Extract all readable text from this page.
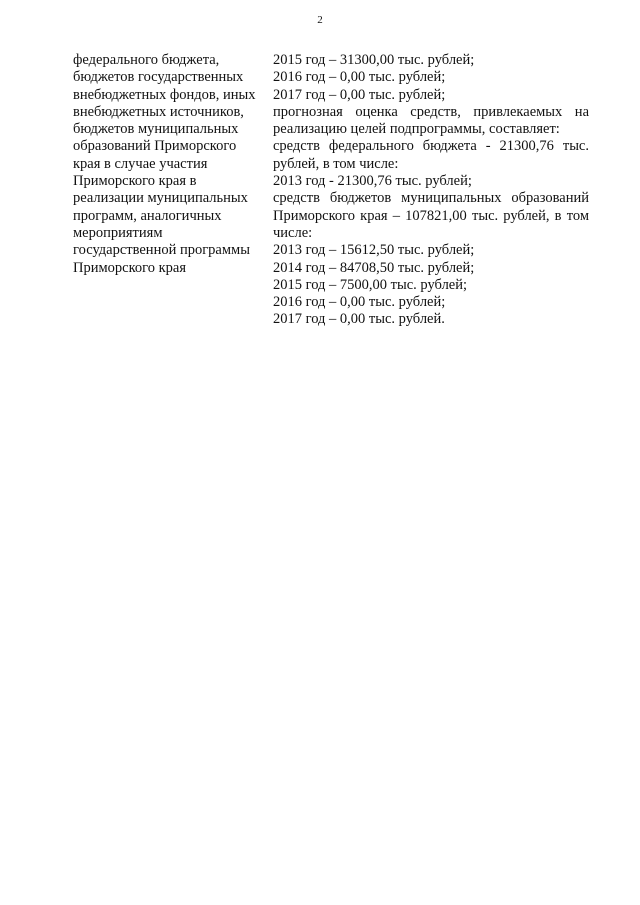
2
федерального бюджета,
бюджетов государственных
внебюджетных фондов, иных
внебюджетных источников,
бюджетов муниципальных
образований Приморского
края в случае участия
Приморского края в
реализации муниципальных
программ, аналогичных
мероприятиям
государственной программы
Приморского края
2015 год – 31300,00 тыс. рублей;
2016 год – 0,00 тыс. рублей;
2017 год – 0,00 тыс. рублей;
прогнозная оценка средств, привлекаемых на реализацию целей подпрограммы, составляет:
средств федерального бюджета - 21300,76 тыс. рублей, в том числе:
2013 год - 21300,76 тыс. рублей;
средств бюджетов муниципальных образований Приморского края – 107821,00 тыс. рублей, в том числе:
2013 год – 15612,50 тыс. рублей;
2014 год – 84708,50 тыс. рублей;
2015 год – 7500,00 тыс. рублей;
2016 год – 0,00 тыс. рублей;
2017 год – 0,00 тыс. рублей.
